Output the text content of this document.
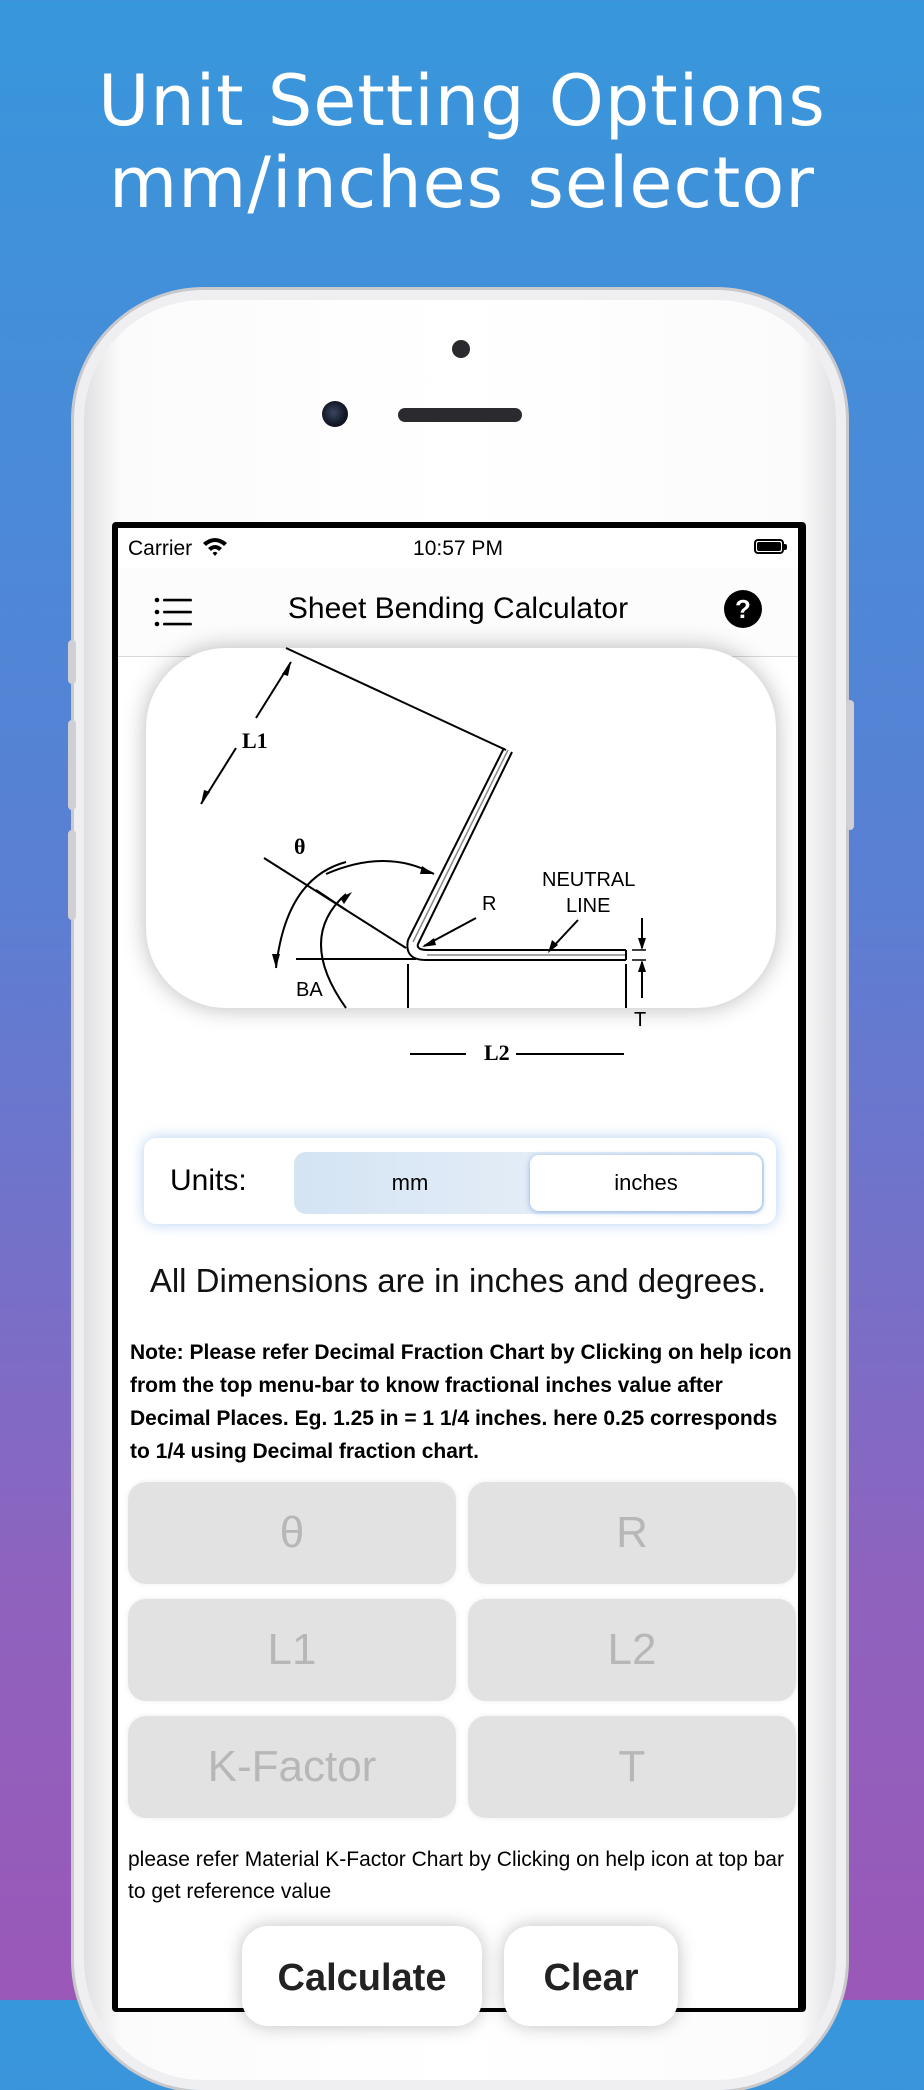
Unit Setting Options
mm/inches selector
Carrier	10:57 PM
Sheet Bending Calculator	?
L1
θ
R
BA
NEUTRAL
LINE
T
L2
Units:	mm	inches
All Dimensions are in inches and degrees.
Note: Please refer Decimal Fraction Chart by Clicking on help icon from the top menu-bar to know fractional inches value after Decimal Places. Eg. 1.25 in = 1 1/4 inches. here 0.25 corresponds to 1/4 using Decimal fraction chart.
θ	R
L1	L2
K-Factor	T
please refer Material K-Factor Chart by Clicking on help icon at top bar to get reference value
Calculate	Clear
